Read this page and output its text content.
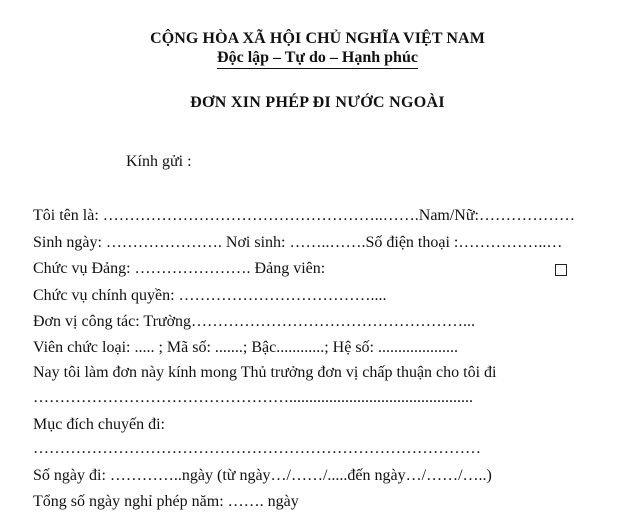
CỘNG HÒA XÃ HỘI CHỦ NGHĨA VIỆT NAM
Độc lập – Tự do – Hạnh phúc
ĐƠN XIN PHÉP ĐI NƯỚC NGOÀI
Kính gửi :
Tôi tên là: ……………………………………………..…….Nam/Nữ:………………
Sinh ngày: …………………. Nơi sinh: ……..…….Số điện thoại :……………..…
Chức vụ Đảng: …………………. Đảng viên:
Chức vụ chính quyền: ………………………………....
Đơn vị công tác: Trường……………………………………………...
Viên chức loại: ..... ; Mã số: .......; Bậc............; Hệ số: ....................
Nay tôi làm đơn này kính mong Thủ trưởng đơn vị chấp thuận cho tôi đi
…………………………………………..............................................
Mục đích chuyến đi:
…………………………………………………………………………
Số ngày đi: …………..ngày (từ ngày…/……/.....đến ngày…/……/…..)
Tổng số ngày nghỉ phép năm: ……. ngày
